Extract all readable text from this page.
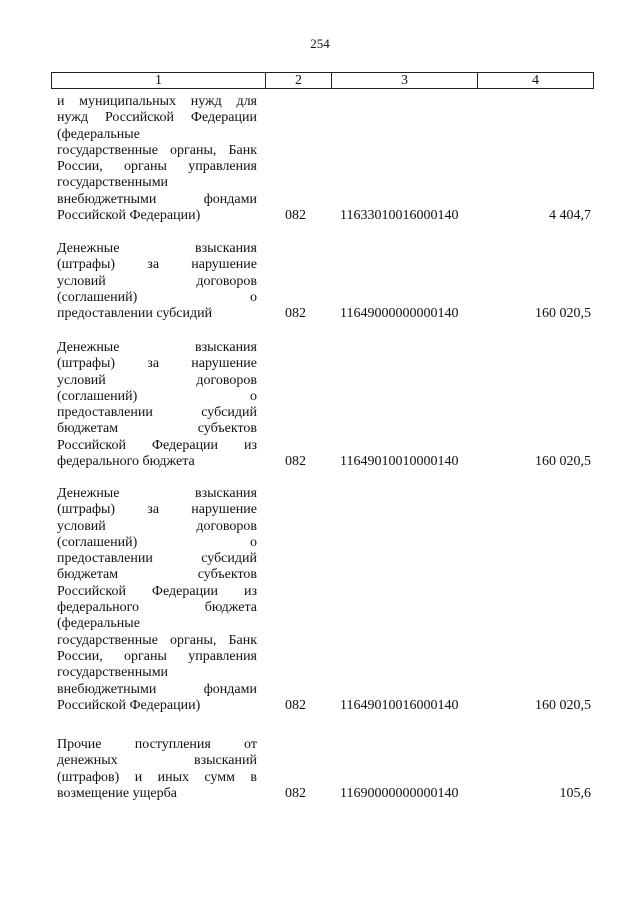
254
1	2	3	4
и муниципальных нужд для
нужд Российской Федерации
(федеральные
государственные органы, Банк
России, органы управления
государственными
внебюджетными фондами
Российской Федерации)	082 11633010016000140	4 404,7
Денежные взыскания
(штрафы) за нарушение
условий договоров
(соглашений) о
предоставлении субсидий	082 11649000000000140	160 020,5
Денежные взыскания
(штрафы) за нарушение
условий договоров
(соглашений) о
предоставлении субсидий
бюджетам субъектов
Российской Федерации из
федерального бюджета	082 11649010010000140	160 020,5
Денежные взыскания
(штрафы) за нарушение
условий договоров
(соглашений) о
предоставлении субсидий
бюджетам субъектов
Российской Федерации из
федерального бюджета
(федеральные
государственные органы, Банк
России, органы управления
государственными
внебюджетными фондами
Российской Федерации)	082 11649010016000140	160 020,5
Прочие поступления от
денежных взысканий
(штрафов) и иных сумм в
возмещение ущерба	082 11690000000000140	105,6
